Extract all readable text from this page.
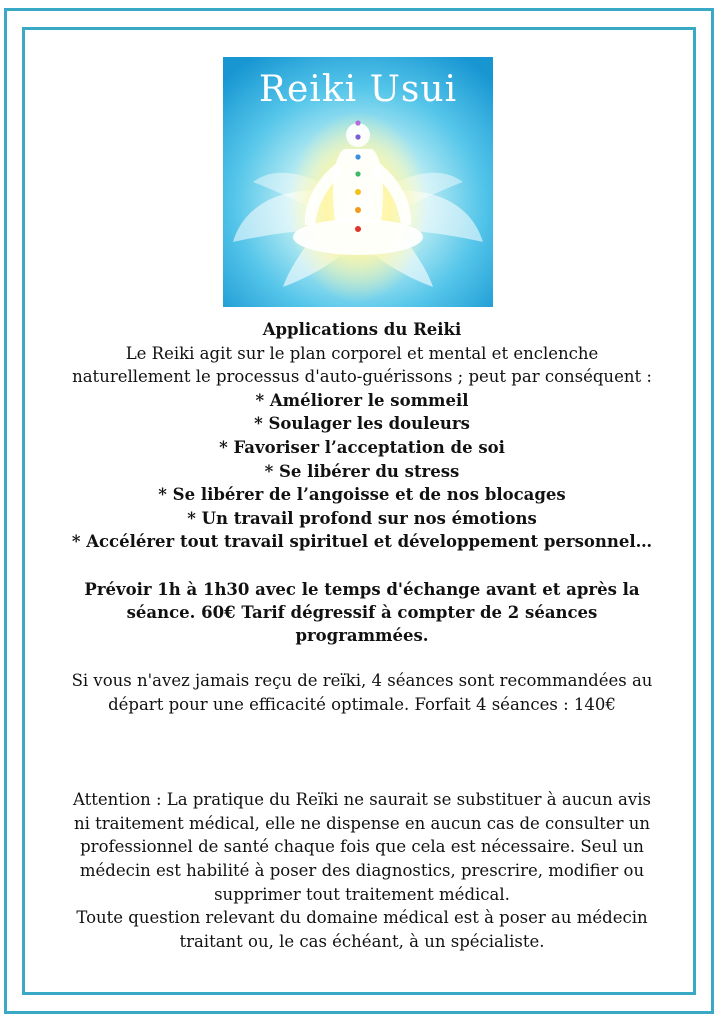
Reiki Usui

Applications du Reiki

Le Reiki agit sur le plan corporel et mental et enclenche

naturellement le processus d'auto-guérissons ; peut par conséquent :

* Améliorer le sommeil

* Soulager les douleurs

* Favoriser l’acceptation de soi

* Se libérer du stress

* Se libérer de l’angoisse et de nos blocages

* Un travail profond sur nos émotions

* Accélérer tout travail spirituel et développement personnel…

Prévoir 1h à 1h30 avec le temps d'échange avant et après la

séance. 60€ Tarif dégressif à compter de 2 séances

programmées.

Si vous n'avez jamais reçu de reïki, 4 séances sont recommandées au

départ pour une efficacité optimale. Forfait 4 séances : 140€

Attention : La pratique du Reïki ne saurait se substituer à aucun avis

ni traitement médical, elle ne dispense en aucun cas de consulter un

professionnel de santé chaque fois que cela est nécessaire. Seul un

médecin est habilité à poser des diagnostics, prescrire, modifier ou

supprimer tout traitement médical.

Toute question relevant du domaine médical est à poser au médecin

traitant ou, le cas échéant, à un spécialiste.
